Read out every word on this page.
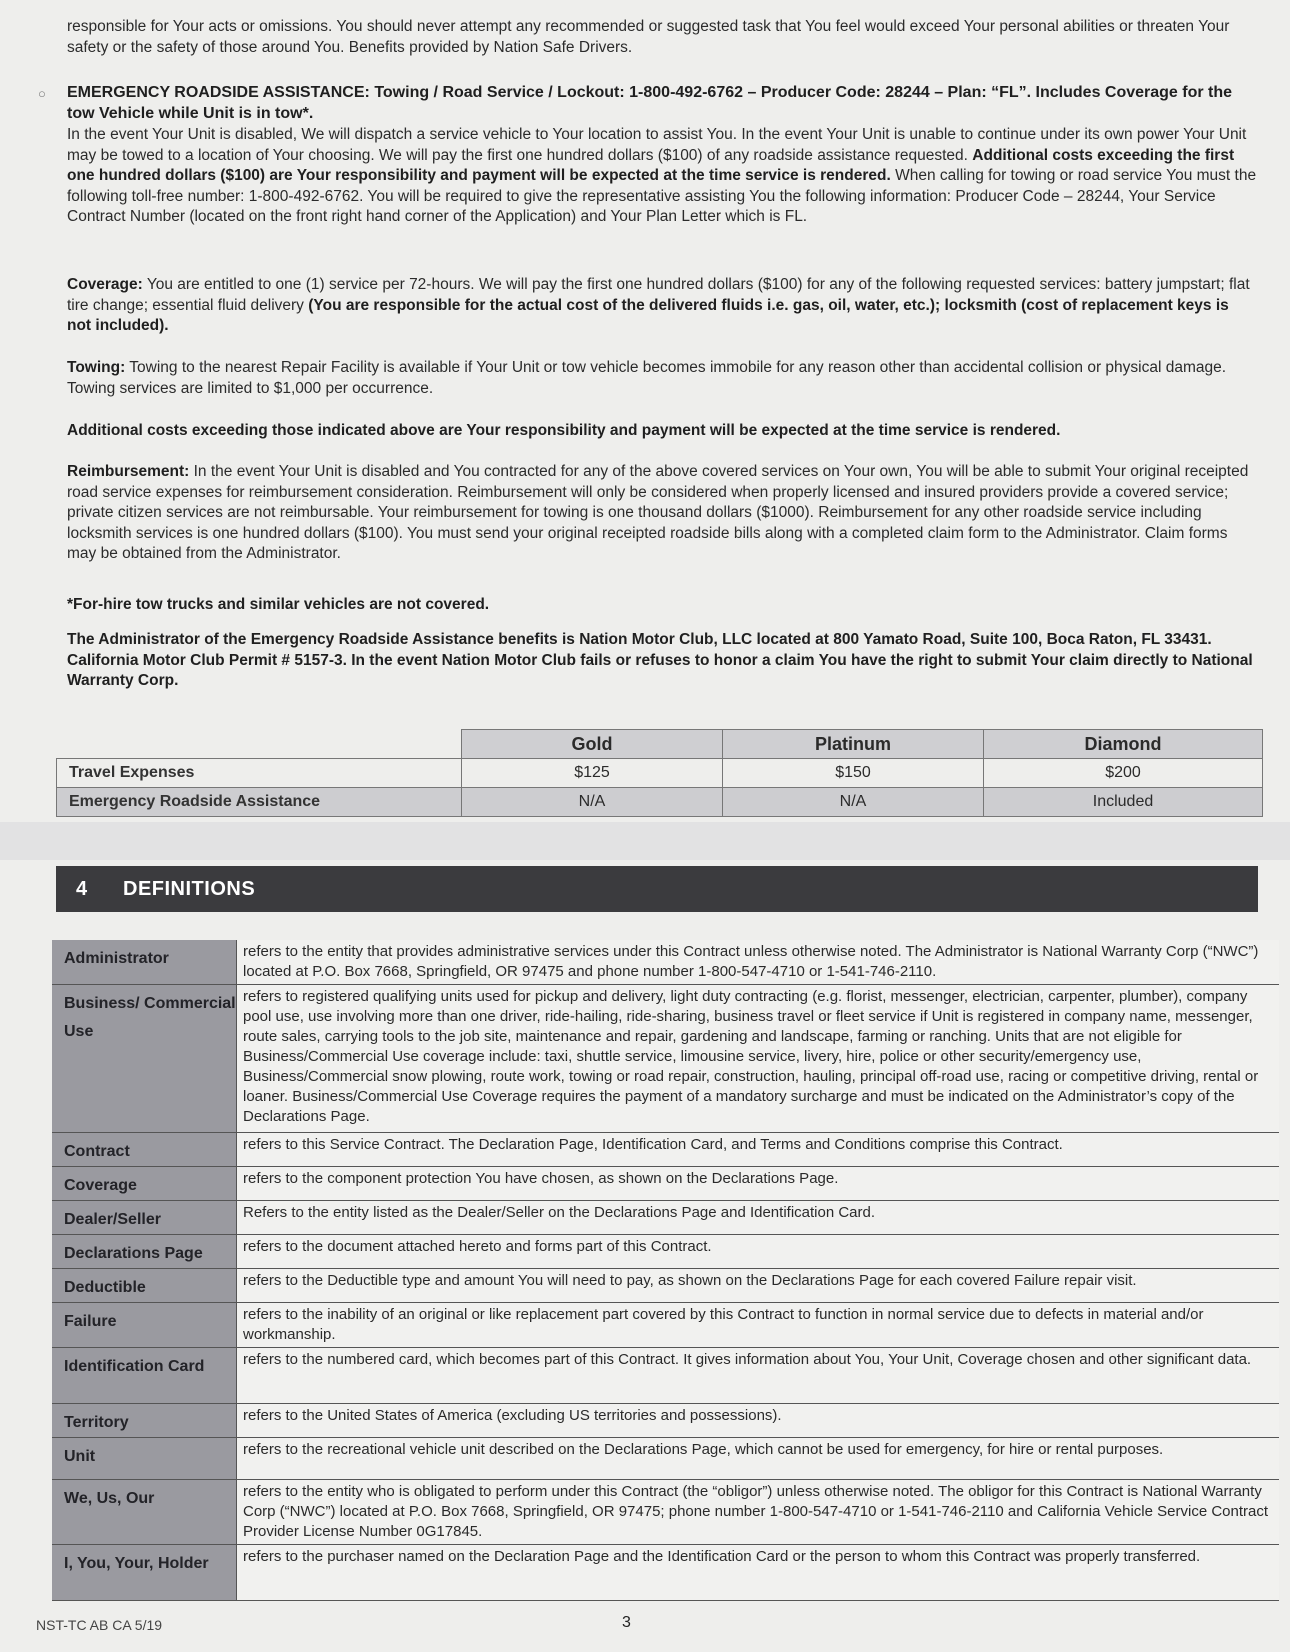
responsible for Your acts or omissions. You should never attempt any recommended or suggested task that You feel would exceed Your personal abilities or threaten Your safety or the safety of those around You. Benefits provided by Nation Safe Drivers.
○ EMERGENCY ROADSIDE ASSISTANCE: Towing / Road Service / Lockout: 1-800-492-6762 – Producer Code: 28244 – Plan: “FL”. Includes Coverage for the tow Vehicle while Unit is in tow*.
In the event Your Unit is disabled, We will dispatch a service vehicle to Your location to assist You. In the event Your Unit is unable to continue under its own power Your Unit may be towed to a location of Your choosing. We will pay the first one hundred dollars ($100) of any roadside assistance requested. Additional costs exceeding the first one hundred dollars ($100) are Your responsibility and payment will be expected at the time service is rendered. When calling for towing or road service You must the following toll-free number: 1-800-492-6762. You will be required to give the representative assisting You the following information: Producer Code – 28244, Your Service Contract Number (located on the front right hand corner of the Application) and Your Plan Letter which is FL.
Coverage: You are entitled to one (1) service per 72-hours. We will pay the first one hundred dollars ($100) for any of the following requested services: battery jumpstart; flat tire change; essential fluid delivery (You are responsible for the actual cost of the delivered fluids i.e. gas, oil, water, etc.); locksmith (cost of replacement keys is not included).
Towing: Towing to the nearest Repair Facility is available if Your Unit or tow vehicle becomes immobile for any reason other than accidental collision or physical damage. Towing services are limited to $1,000 per occurrence.
Additional costs exceeding those indicated above are Your responsibility and payment will be expected at the time service is rendered.
Reimbursement: In the event Your Unit is disabled and You contracted for any of the above covered services on Your own, You will be able to submit Your original receipted road service expenses for reimbursement consideration. Reimbursement will only be considered when properly licensed and insured providers provide a covered service; private citizen services are not reimbursable. Your reimbursement for towing is one thousand dollars ($1000). Reimbursement for any other roadside service including locksmith services is one hundred dollars ($100). You must send your original receipted roadside bills along with a completed claim form to the Administrator. Claim forms may be obtained from the Administrator.
*For-hire tow trucks and similar vehicles are not covered.
The Administrator of the Emergency Roadside Assistance benefits is Nation Motor Club, LLC located at 800 Yamato Road, Suite 100, Boca Raton, FL 33431. California Motor Club Permit # 5157-3. In the event Nation Motor Club fails or refuses to honor a claim You have the right to submit Your claim directly to National Warranty Corp.
	Gold	Platinum	Diamond
Travel Expenses	$125	$150	$200
Emergency Roadside Assistance	N/A	N/A	Included
4 DEFINITIONS
Administrator	refers to the entity that provides administrative services under this Contract unless otherwise noted. The Administrator is National Warranty Corp (“NWC”) located at P.O. Box 7668, Springfield, OR 97475 and phone number 1-800-547-4710 or 1-541-746-2110.
Business/ Commercial Use	refers to registered qualifying units used for pickup and delivery, light duty contracting (e.g. florist, messenger, electrician, carpenter, plumber), company pool use, use involving more than one driver, ride-hailing, ride-sharing, business travel or fleet service if Unit is registered in company name, messenger, route sales, carrying tools to the job site, maintenance and repair, gardening and landscape, farming or ranching. Units that are not eligible for Business/Commercial Use coverage include: taxi, shuttle service, limousine service, livery, hire, police or other security/emergency use, Business/Commercial snow plowing, route work, towing or road repair, construction, hauling, principal off-road use, racing or competitive driving, rental or loaner. Business/Commercial Use Coverage requires the payment of a mandatory surcharge and must be indicated on the Administrator’s copy of the Declarations Page.
Contract	refers to this Service Contract. The Declaration Page, Identification Card, and Terms and Conditions comprise this Contract.
Coverage	refers to the component protection You have chosen, as shown on the Declarations Page.
Dealer/Seller	Refers to the entity listed as the Dealer/Seller on the Declarations Page and Identification Card.
Declarations Page	refers to the document attached hereto and forms part of this Contract.
Deductible	refers to the Deductible type and amount You will need to pay, as shown on the Declarations Page for each covered Failure repair visit.
Failure	refers to the inability of an original or like replacement part covered by this Contract to function in normal service due to defects in material and/or workmanship.
Identification Card	refers to the numbered card, which becomes part of this Contract. It gives information about You, Your Unit, Coverage chosen and other significant data.
Territory	refers to the United States of America (excluding US territories and possessions).
Unit	refers to the recreational vehicle unit described on the Declarations Page, which cannot be used for emergency, for hire or rental purposes.
We, Us, Our	refers to the entity who is obligated to perform under this Contract (the “obligor”) unless otherwise noted. The obligor for this Contract is National Warranty Corp (“NWC”) located at P.O. Box 7668, Springfield, OR 97475; phone number 1-800-547-4710 or 1-541-746-2110 and California Vehicle Service Contract Provider License Number 0G17845.
I, You, Your, Holder	refers to the purchaser named on the Declaration Page and the Identification Card or the person to whom this Contract was properly transferred.
NST-TC AB CA 5/19	3
